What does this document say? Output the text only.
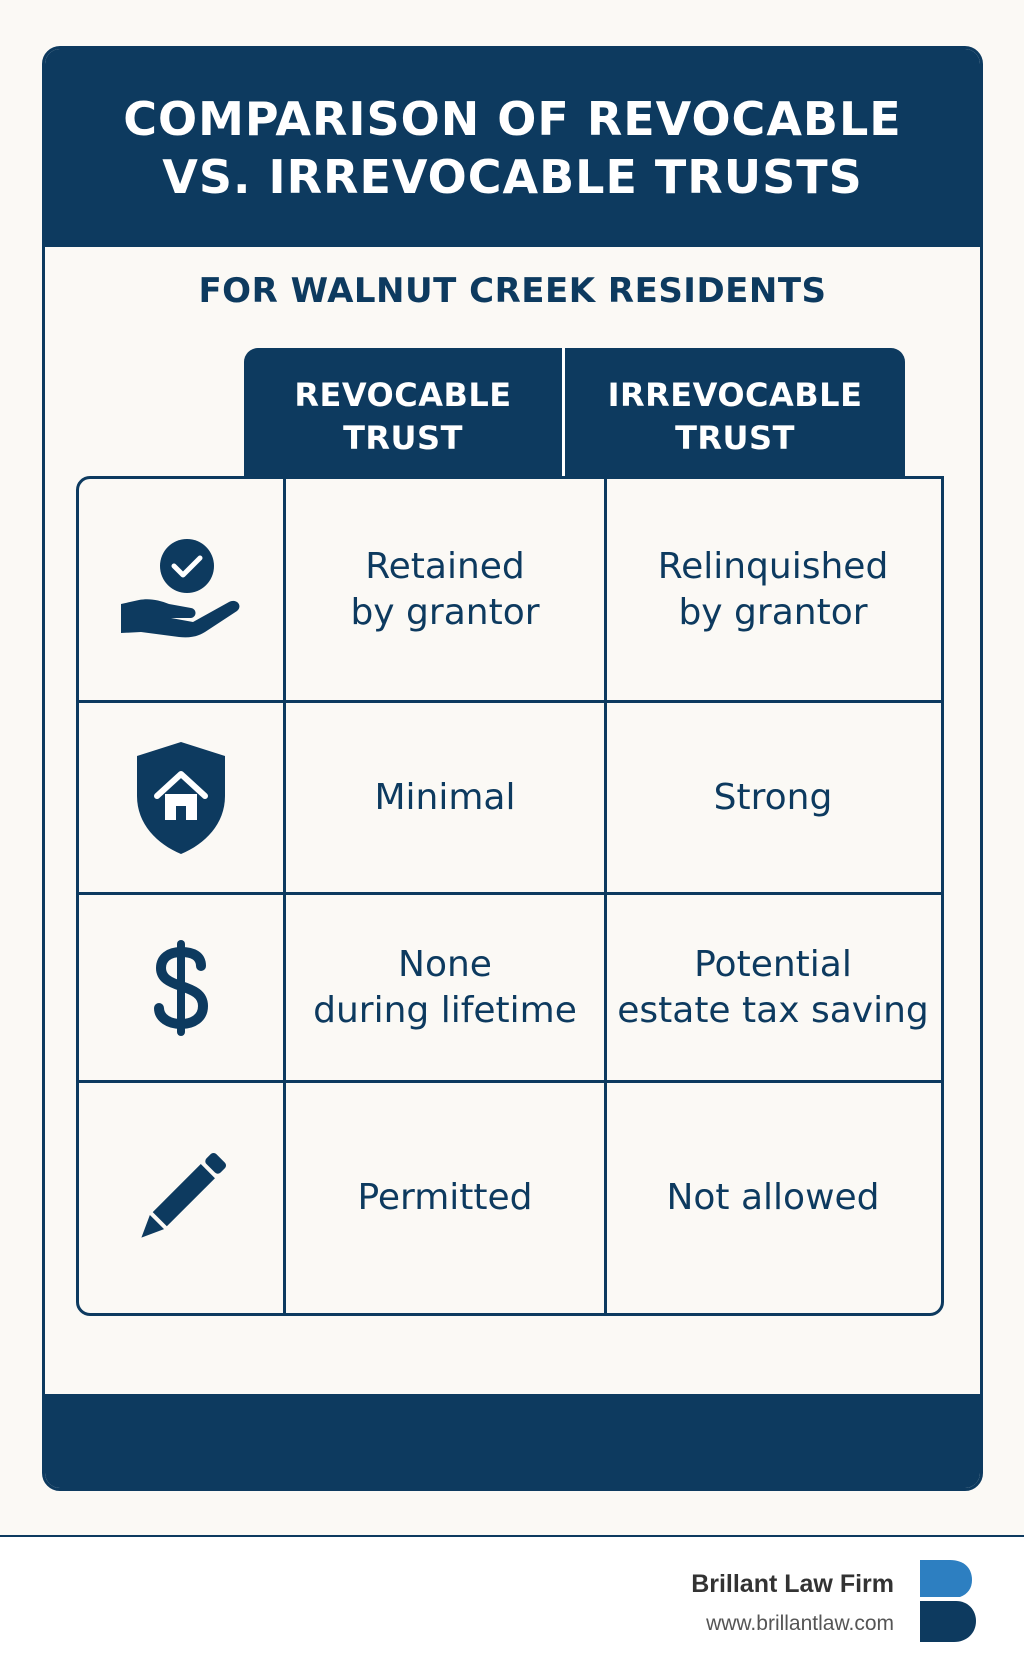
COMPARISON OF REVOCABLE VS. IRREVOCABLE TRUSTS
FOR WALNUT CREEK RESIDENTS
REVOCABLE TRUST
IRREVOCABLE TRUST
Retained
by grantor
Relinquished
by grantor
Minimal	Strong
None
during lifetime
Potential
estate tax saving
Permitted	Not allowed
Brillant Law Firm
www.brillantlaw.com
